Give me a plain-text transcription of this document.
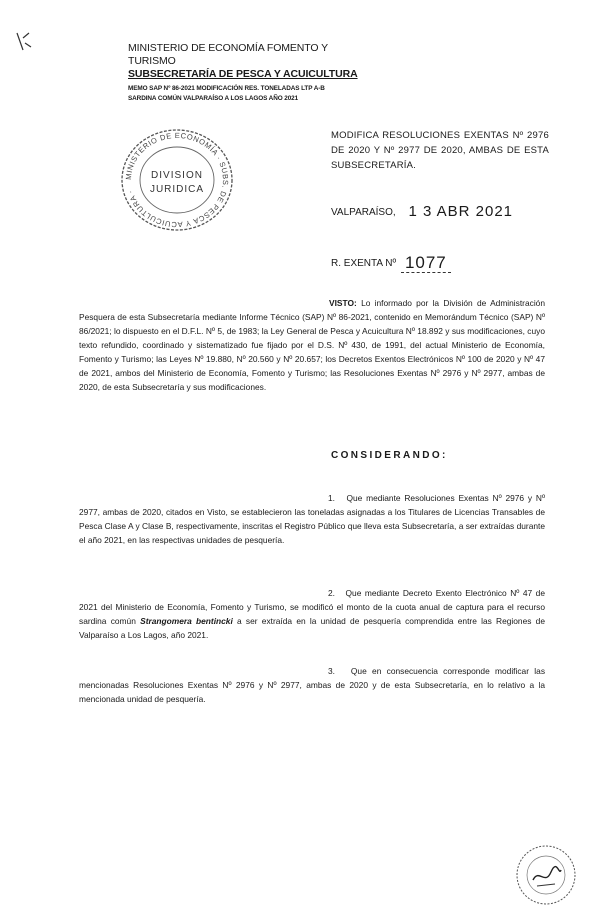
MINISTERIO DE ECONOMÍA FOMENTO Y TURISMO
SUBSECRETARÍA DE PESCA Y ACUICULTURA
MEMO SAP Nº 86-2021 MODIFICACIÓN RES. TONELADAS LTP A-B
SARDINA COMÚN VALPARAÍSO A LOS LAGOS AÑO 2021
MINISTERIO DE ECONOMÍA · SUBS. DE PESCA Y ACUICULTURA ·
DIVISION
JURIDICA
MODIFICA RESOLUCIONES EXENTAS Nº 2976 DE 2020 Y Nº 2977 DE 2020, AMBAS DE ESTA SUBSECRETARÍA.
VALPARAÍSO, 1 3 ABR 2021
R. EXENTA Nº 1077
VISTO: Lo informado por la División de Administración Pesquera de esta Subsecretaría mediante Informe Técnico (SAP) Nº 86-2021, contenido en Memorándum Técnico (SAP) Nº 86/2021; lo dispuesto en el D.F.L. Nº 5, de 1983; la Ley General de Pesca y Acuicultura Nº 18.892 y sus modificaciones, cuyo texto refundido, coordinado y sistematizado fue fijado por el D.S. Nº 430, de 1991, del actual Ministerio de Economía, Fomento y Turismo; las Leyes Nº 19.880, Nº 20.560 y Nº 20.657; los Decretos Exentos Electrónicos Nº 100 de 2020 y Nº 47 de 2021, ambos del Ministerio de Economía, Fomento y Turismo; las Resoluciones Exentas Nº 2976 y Nº 2977, ambas de 2020, de esta Subsecretaría y sus modificaciones.
CONSIDERANDO:
1. Que mediante Resoluciones Exentas Nº 2976 y Nº 2977, ambas de 2020, citados en Visto, se establecieron las toneladas asignadas a los Titulares de Licencias Transables de Pesca Clase A y Clase B, respectivamente, inscritas el Registro Público que lleva esta Subsecretaría, a ser extraídas durante el año 2021, en las respectivas unidades de pesquería.
2. Que mediante Decreto Exento Electrónico Nº 47 de 2021 del Ministerio de Economía, Fomento y Turismo, se modificó el monto de la cuota anual de captura para el recurso sardina común Strangomera bentincki a ser extraída en la unidad de pesquería comprendida entre las Regiones de Valparaíso a Los Lagos, año 2021.
3. Que en consecuencia corresponde modificar las mencionadas Resoluciones Exentas Nº 2976 y Nº 2977, ambas de 2020 y de esta Subsecretaría, en lo relativo a la mencionada unidad de pesquería.
